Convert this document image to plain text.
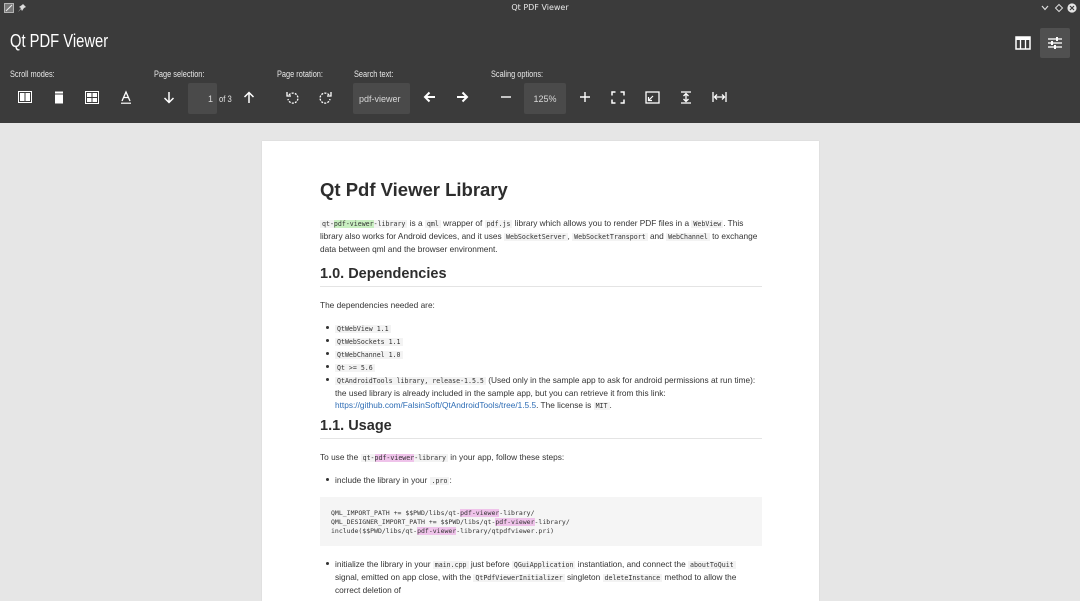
Qt PDF Viewer
Qt PDF Viewer
Scroll modes:	Page selection:
1 of 3
Page rotation:	Search text:
pdf-viewer
Scaling options:
125%
Qt Pdf Viewer Library
qt-pdf-viewer-library is a qml wrapper of pdf.js library which allows you to render PDF files in a WebView . This library also works for Android devices, and it uses WebSocketServer , WebSocketTransport and WebChannel to exchange data between qml and the browser environment.
1.0. Dependencies
The dependencies needed are:
QtWebView 1.1
QtWebSockets 1.1
QtWebChannel 1.0
Qt >= 5.6
QtAndroidTools library, release-1.5.5 (Used only in the sample app to ask for android permissions at run time): the used library is already included in the sample app, but you can retrieve it from this link: https://github.com/FalsinSoft/QtAndroidTools/tree/1.5.5. The license is MIT .
1.1. Usage
To use the qt-pdf-viewer-library in your app, follow these steps:
include the library in your .pro :
QML_IMPORT_PATH += $$PWD/libs/qt-pdf-viewer-library/
QML_DESIGNER_IMPORT_PATH += $$PWD/libs/qt-pdf-viewer-library/
include($$PWD/libs/qt-pdf-viewer-library/qtpdfviewer.pri)
initialize the library in your main.cpp just before QGuiApplication instantiation, and connect the aboutToQuit signal, emitted on app close, with the QtPdfViewerInitializer singleton deleteInstance method to allow the correct deletion of
